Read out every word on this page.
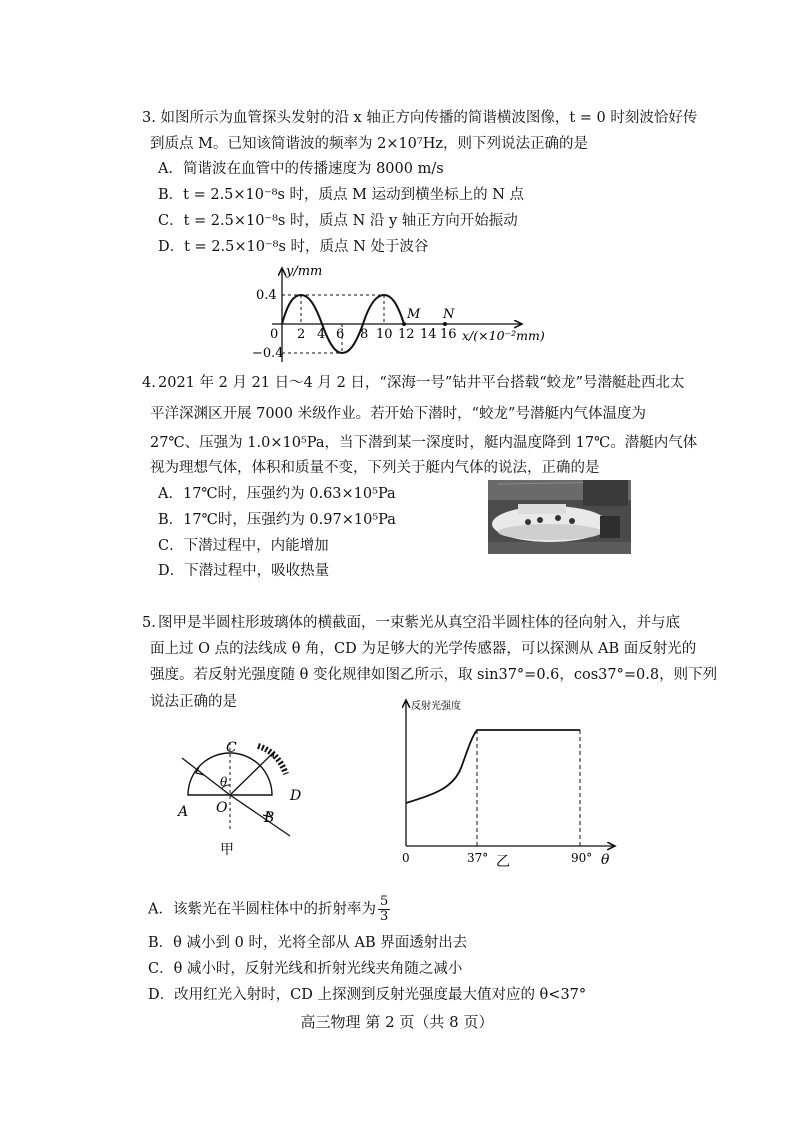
3. 如图所示为血管探头发射的沿 x 轴正方向传播的简谐横波图像，t = 0 时刻波恰好传
到质点 M。已知该简谐波的频率为 2×10⁷Hz，则下列说法正确的是
A．简谐波在血管中的传播速度为 8000 m/s
B．t = 2.5×10⁻⁸s 时，质点 M 运动到横坐标上的 N 点
C．t = 2.5×10⁻⁸s 时，质点 N 沿 y 轴正方向开始振动
D．t = 2.5×10⁻⁸s 时，质点 N 处于波谷
y/mm
0.4
−0.4
0 2 4 6 8 10 12 14 16
M N
x/(×10⁻²mm)
4. 2021 年 2 月 21 日～4 月 2 日，“深海一号”钻井平台搭载“蛟龙”号潜艇赴西北太
平洋深渊区开展 7000 米级作业。若开始下潜时，“蛟龙”号潜艇内气体温度为
27℃、压强为 1.0×10⁵Pa，当下潜到某一深度时，艇内温度降到 17℃。潜艇内气体
视为理想气体，体积和质量不变，下列关于艇内气体的说法，正确的是
A．17℃时，压强约为 0.63×10⁵Pa
B．17℃时，压强约为 0.97×10⁵Pa
C．下潜过程中，内能增加
D．下潜过程中，吸收热量
5. 图甲是半圆柱形玻璃体的横截面，一束紫光从真空沿半圆柱体的径向射入，并与底
面上过 O 点的法线成 θ 角，CD 为足够大的光学传感器，可以探测从 AB 面反射光的
强度。若反射光强度随 θ 变化规律如图乙所示，取 sin37°=0.6，cos37°=0.8，则下列
说法正确的是
C
D
A O
B
θ
甲
反射光强度
0	37° 乙	90° θ
A．该紫光在半圆柱体中的折射率为 $\frac{5}{3}$
B．θ 减小到 0 时，光将全部从 AB 界面透射出去
C．θ 减小时，反射光线和折射光线夹角随之减小
D．改用红光入射时，CD 上探测到反射光强度最大值对应的 θ<37°
高三物理 第 2 页（共 8 页）
